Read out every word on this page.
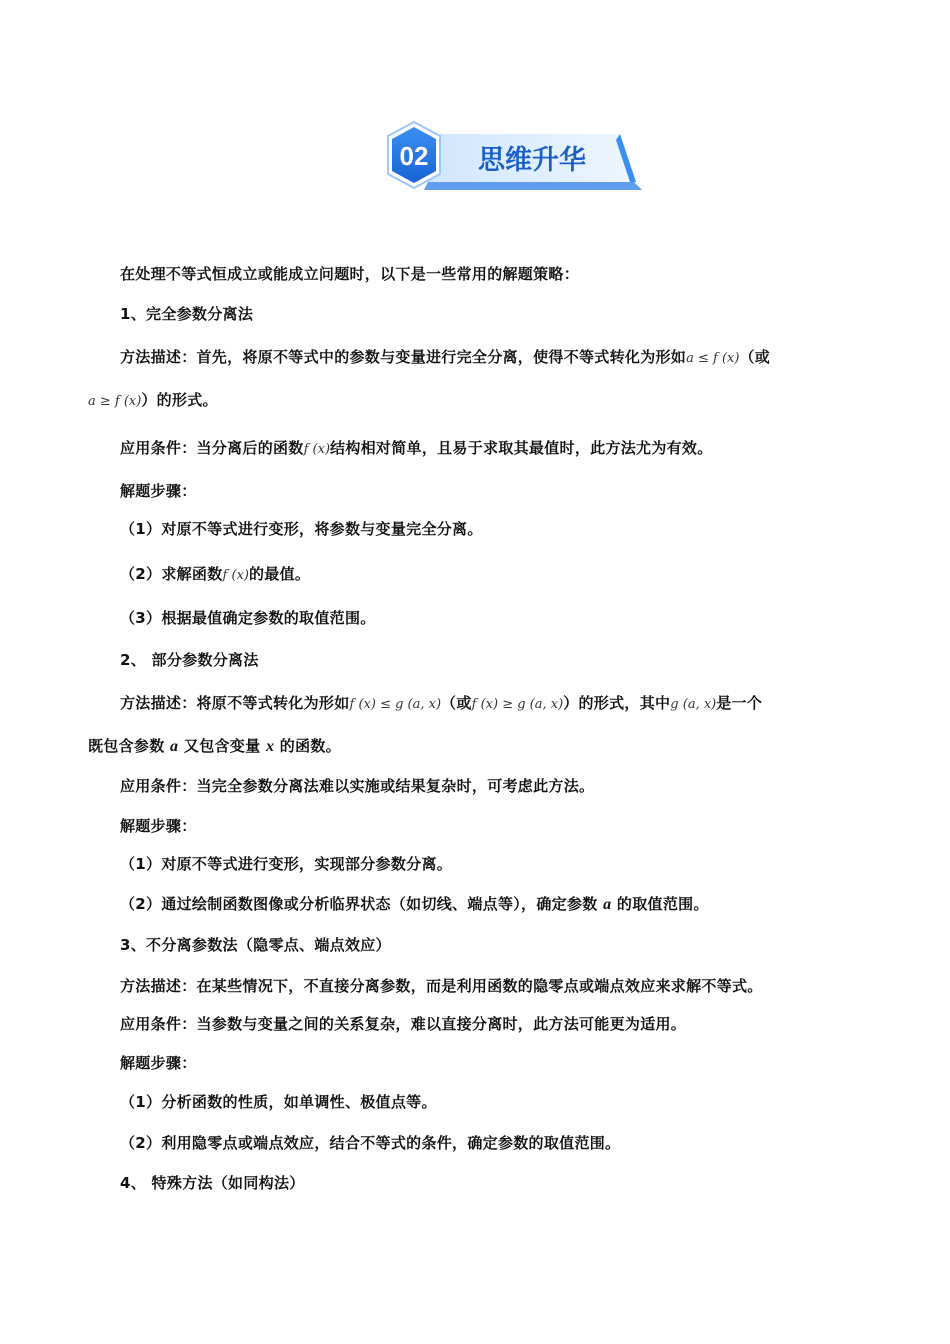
02 思维升华
在处理不等式恒成立或能成立问题时，以下是一些常用的解题策略：
1、完全参数分离法
方法描述：首先，将原不等式中的参数与变量进行完全分离，使得不等式转化为形如a ≤ f (x)（或
a ≥ f (x)）的形式。
应用条件：当分离后的函数f (x)结构相对简单，且易于求取其最值时，此方法尤为有效。
解题步骤：
（1）对原不等式进行变形，将参数与变量完全分离。
（2）求解函数f (x)的最值。
（3）根据最值确定参数的取值范围。
2、 部分参数分离法
方法描述：将原不等式转化为形如f (x) ≤ g (a, x)（或f (x) ≥ g (a, x)）的形式，其中g (a, x)是一个
既包含参数 a 又包含变量 x 的函数。
应用条件：当完全参数分离法难以实施或结果复杂时，可考虑此方法。
解题步骤：
（1）对原不等式进行变形，实现部分参数分离。
（2）通过绘制函数图像或分析临界状态（如切线、端点等），确定参数 a 的取值范围。
3、不分离参数法（隐零点、端点效应）
方法描述：在某些情况下，不直接分离参数，而是利用函数的隐零点或端点效应来求解不等式。
应用条件：当参数与变量之间的关系复杂，难以直接分离时，此方法可能更为适用。
解题步骤：
（1）分析函数的性质，如单调性、极值点等。
（2）利用隐零点或端点效应，结合不等式的条件，确定参数的取值范围。
4、 特殊方法（如同构法）
